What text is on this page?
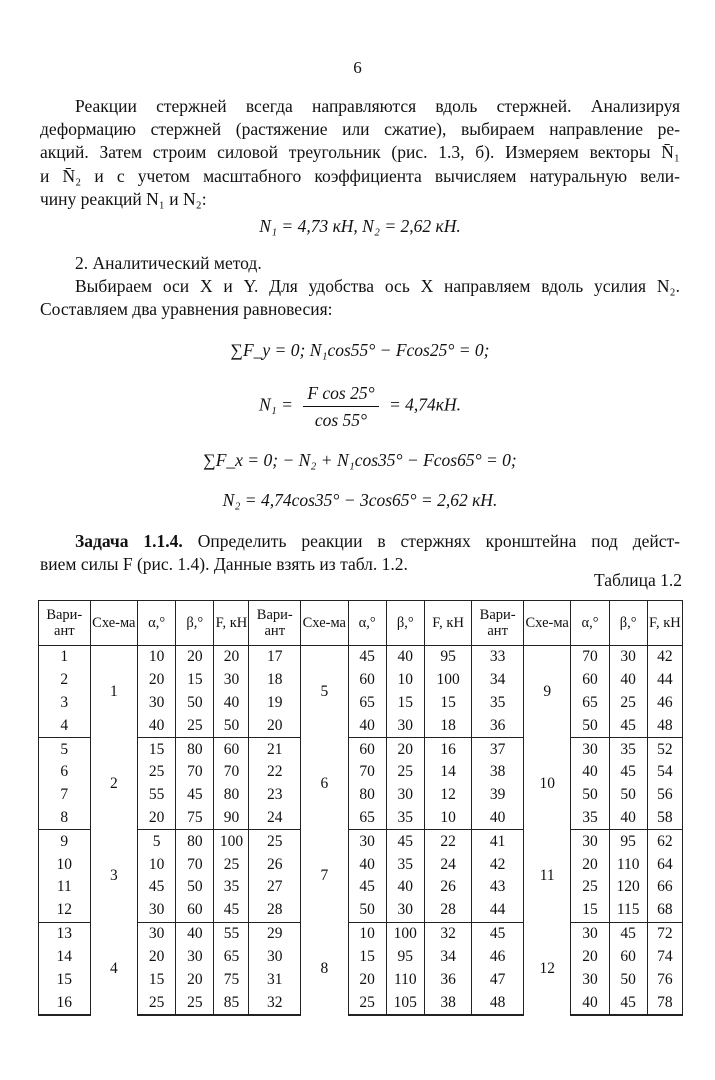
6
Реакции стержней всегда направляются вдоль стержней. Анализируя
деформацию стержней (растяжение или сжатие), выбираем направление ре-
акций. Затем строим силовой треугольник (рис. 1.3, б). Измеряем векторы N̄₁
и N̄₂ и с учетом масштабного коэффициента вычисляем натуральную вели-
чину реакций N₁ и N₂:
N₁ = 4,73 кН, N₂ = 2,62 кН.
2. Аналитический метод.
Выбираем оси X и Y. Для удобства ось X направляем вдоль усилия N₂.
Составляем два уравнения равновесия:
∑F_y = 0; N₁cos55° − Fcos25° = 0;
$N_1 = \frac{\text{F cos 25°}}{\cos 55^\circ} = 4,74кН$.
∑F_x = 0; − N₂ + N₁cos35° − Fcos65° = 0;
N₂ = 4,74cos35° − 3cos65° = 2,62 кН.
Задача 1.1.4. Определить реакции в стержнях кронштейна под дейст-
вием силы F (рис. 1.4). Данные взять из табл. 1.2.
Таблица 1.2
Вари-ант	Схе-ма	α,°	β,°	F, кН	Вари-ант	Схе-ма	α,°	β,°	F, кН	Вари-ант	Схе-ма	α,°	β,°	F, кН
1	1	10	20	20	17	5	45	40	95	33	9	70	30	42
2		20	15	30	18		60	10	100	34		60	40	44
3		30	50	40	19		65	15	15	35		65	25	46
4		40	25	50	20		40	30	18	36		50	45	48
5	2	15	80	60	21	6	60	20	16	37	10	30	35	52
6		25	70	70	22		70	25	14	38		40	45	54
7		55	45	80	23		80	30	12	39		50	50	56
8		20	75	90	24		65	35	10	40		35	40	58
9	3	5	80	100	25	7	30	45	22	41	11	30	95	62
10		10	70	25	26		40	35	24	42		20	110	64
11		45	50	35	27		45	40	26	43		25	120	66
12		30	60	45	28		50	30	28	44		15	115	68
13	4	30	40	55	29	8	10	100	32	45	12	30	45	72
14		20	30	65	30		15	95	34	46		20	60	74
15		15	20	75	31		20	110	36	47		30	50	76
16		25	25	85	32		25	105	38	48		40	45	78
